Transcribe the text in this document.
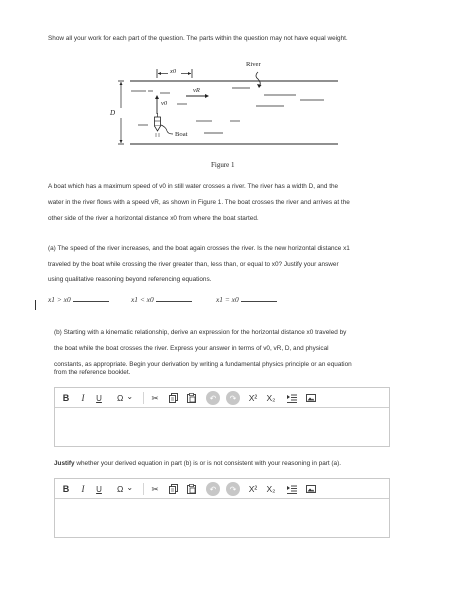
Show all your work for each part of the question. The parts within the question may not have equal weight.
x0
River
vR
v0
D
Boat
Figure 1
A boat which has a maximum speed of v0 in still water crosses a river. The river has a width D, and the
water in the river flows with a speed vR, as shown in Figure 1. The boat crosses the river and arrives at the
other side of the river a horizontal distance x0 from where the boat started.
(a) The speed of the river increases, and the boat again crosses the river. Is the new horizontal distance x1
traveled by the boat while crossing the river greater than, less than, or equal to x0? Justify your answer
using qualitative reasoning beyond referencing equations.
x1 > x0	x1 < x0	x1 = x0
(b) Starting with a kinematic relationship, derive an expression for the horizontal distance x0 traveled by
the boat while the boat crosses the river. Express your answer in terms of v0, vR, D, and physical
constants, as appropriate. Begin your derivation by writing a fundamental physics principle or an equation
from the reference booklet.
B	I	U	Ω ⌄ ✂	↶	↷	X²	X₂
Justify whether your derived equation in part (b) is or is not consistent with your reasoning in part (a).
B	I	U	Ω ⌄ ✂	↶	↷	X²	X₂
